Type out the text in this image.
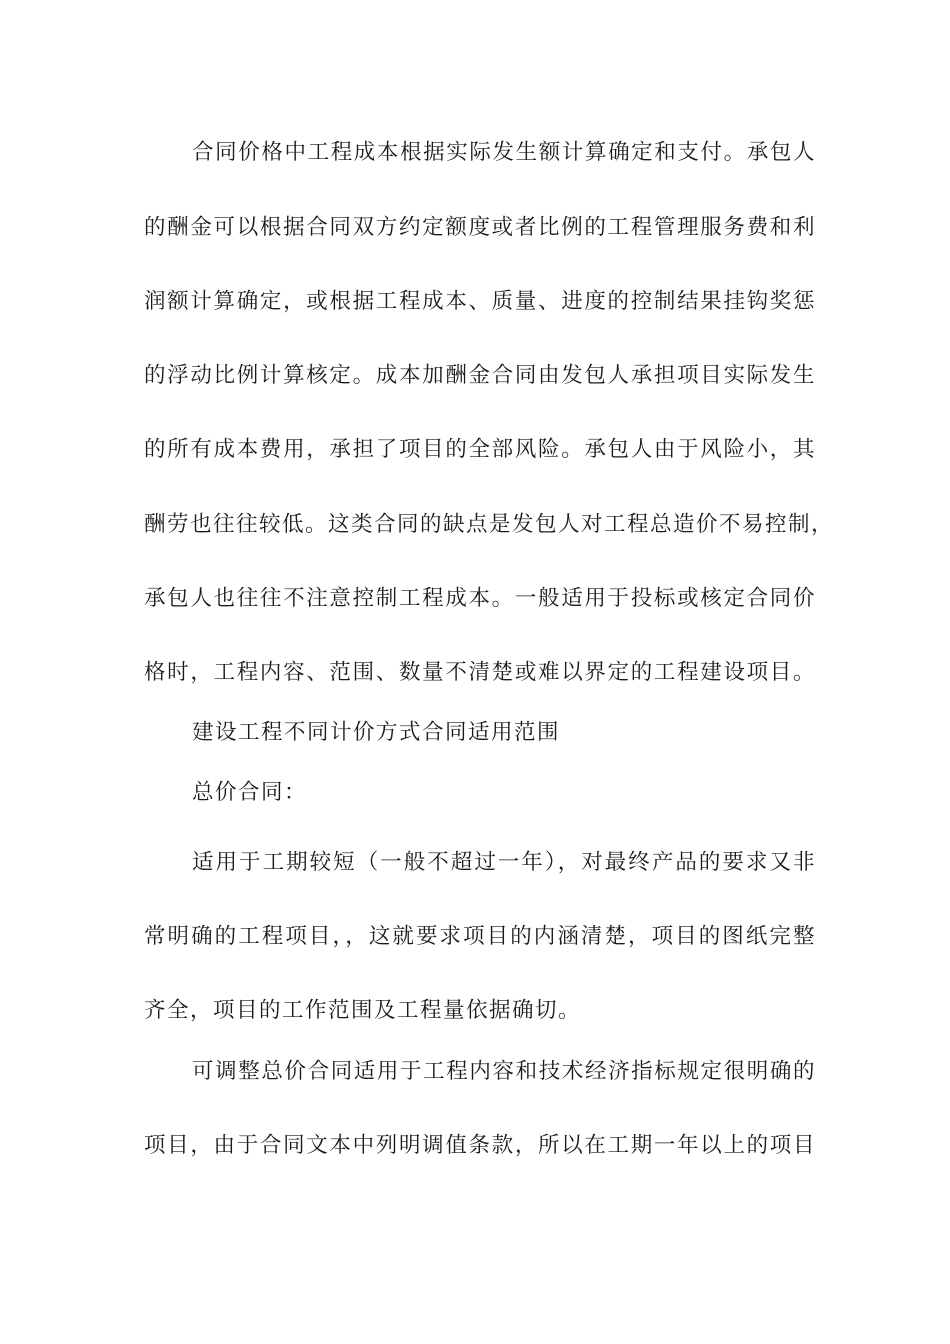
合同价格中工程成本根据实际发生额计算确定和支付。承包人
的酬金可以根据合同双方约定额度或者比例的工程管理服务费和利
润额计算确定，或根据工程成本、质量、进度的控制结果挂钩奖惩
的浮动比例计算核定。成本加酬金合同由发包人承担项目实际发生
的所有成本费用，承担了项目的全部风险。承包人由于风险小，其
酬劳也往往较低。这类合同的缺点是发包人对工程总造价不易控制，
承包人也往往不注意控制工程成本。一般适用于投标或核定合同价
格时，工程内容、范围、数量不清楚或难以界定的工程建设项目。
建设工程不同计价方式合同适用范围
总价合同：
适用于工期较短（一般不超过一年），对最终产品的要求又非
常明确的工程项目，，这就要求项目的内涵清楚，项目的图纸完整
齐全，项目的工作范围及工程量依据确切。
可调整总价合同适用于工程内容和技术经济指标规定很明确的
项目，由于合同文本中列明调值条款，所以在工期一年以上的项目
